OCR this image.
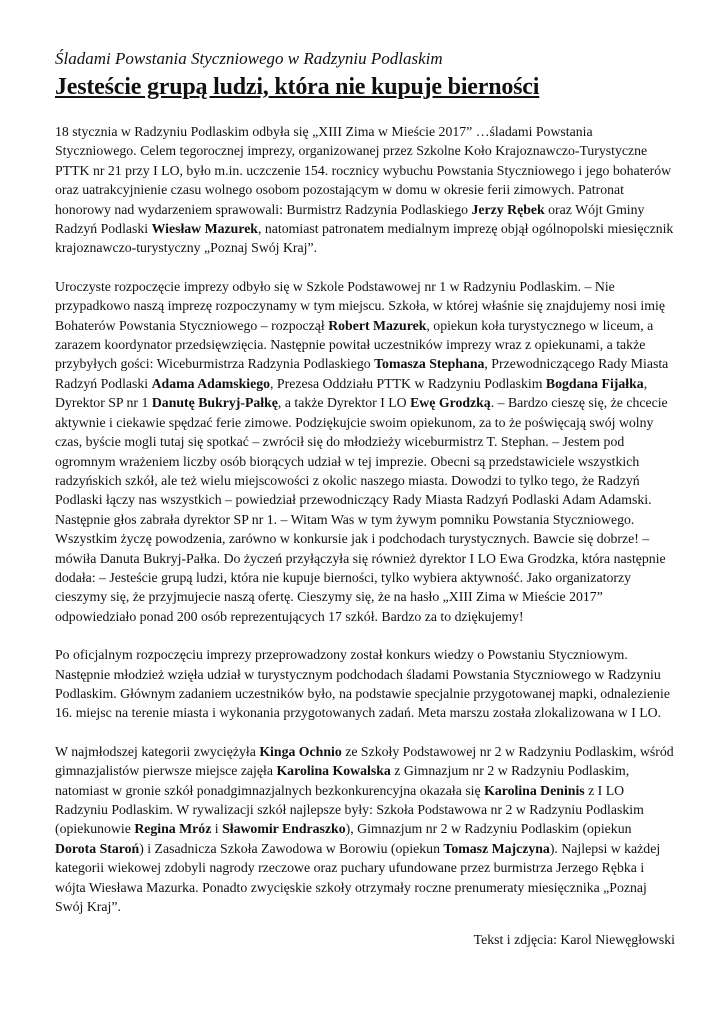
Śladami Powstania Styczniowego w Radzyniu Podlaskim

Jesteście grupą ludzi, która nie kupuje bierności

18 stycznia w Radzyniu Podlaskim odbyła się „XIII Zima w Mieście 2017” …śladami Powstania Styczniowego. Celem tegorocznej imprezy, organizowanej przez Szkolne Koło Krajoznawczo-Turystyczne PTTK nr 21 przy I LO, było m.in. uczczenie 154. rocznicy wybuchu Powstania Styczniowego i jego bohaterów oraz uatrakcyjnienie czasu wolnego osobom pozostającym w domu w okresie ferii zimowych. Patronat honorowy nad wydarzeniem sprawowali: Burmistrz Radzynia Podlaskiego Jerzy Rębek oraz Wójt Gminy Radzyń Podlaski Wiesław Mazurek, natomiast patronatem medialnym imprezę objął ogólnopolski miesięcznik krajoznawczo-turystyczny „Poznaj Swój Kraj”.

Uroczyste rozpoczęcie imprezy odbyło się w Szkole Podstawowej nr 1 w Radzyniu Podlaskim. – Nie przypadkowo naszą imprezę rozpoczynamy w tym miejscu. Szkoła, w której właśnie się znajdujemy nosi imię Bohaterów Powstania Styczniowego – rozpoczął Robert Mazurek, opiekun koła turystycznego w liceum, a zarazem koordynator przedsięwzięcia. Następnie powitał uczestników imprezy wraz z opiekunami, a także przybyłych gości: Wiceburmistrza Radzynia Podlaskiego Tomasza Stephana, Przewodniczącego Rady Miasta Radzyń Podlaski Adama Adamskiego, Prezesa Oddziału PTTK w Radzyniu Podlaskim Bogdana Fijałka, Dyrektor SP nr 1 Danutę Bukryj-Pałkę, a także Dyrektor I LO Ewę Grodzką. – Bardzo cieszę się, że chcecie aktywnie i ciekawie spędzać ferie zimowe. Podziękujcie swoim opiekunom, za to że poświęcają swój wolny czas, byście mogli tutaj się spotkać – zwrócił się do młodzieży wiceburmistrz T. Stephan. – Jestem pod ogromnym wrażeniem liczby osób biorących udział w tej imprezie. Obecni są przedstawiciele wszystkich radzyńskich szkół, ale też wielu miejscowości z okolic naszego miasta. Dowodzi to tylko tego, że Radzyń Podlaski łączy nas wszystkich – powiedział przewodniczący Rady Miasta Radzyń Podlaski Adam Adamski. Następnie głos zabrała dyrektor SP nr 1. – Witam Was w tym żywym pomniku Powstania Styczniowego. Wszystkim życzę powodzenia, zarówno w konkursie jak i podchodach turystycznych. Bawcie się dobrze! – mówiła Danuta Bukryj-Pałka. Do życzeń przyłączyła się również dyrektor I LO Ewa Grodzka, która następnie dodała: – Jesteście grupą ludzi, która nie kupuje bierności, tylko wybiera aktywność. Jako organizatorzy cieszymy się, że przyjmujecie naszą ofertę. Cieszymy się, że na hasło „XIII Zima w Mieście 2017” odpowiedziało ponad 200 osób reprezentujących 17 szkół. Bardzo za to dziękujemy!

Po oficjalnym rozpoczęciu imprezy przeprowadzony został konkurs wiedzy o Powstaniu Styczniowym. Następnie młodzież wzięła udział w turystycznym podchodach śladami Powstania Styczniowego w Radzyniu Podlaskim. Głównym zadaniem uczestników było, na podstawie specjalnie przygotowanej mapki, odnalezienie 16. miejsc na terenie miasta i wykonania przygotowanych zadań. Meta marszu została zlokalizowana w I LO.

W najmłodszej kategorii zwyciężyła Kinga Ochnio ze Szkoły Podstawowej nr 2 w Radzyniu Podlaskim, wśród gimnazjalistów pierwsze miejsce zajęła Karolina Kowalska z Gimnazjum nr 2 w Radzyniu Podlaskim, natomiast w gronie szkół ponadgimnazjalnych bezkonkurencyjna okazała się Karolina Deninis z I LO Radzyniu Podlaskim. W rywalizacji szkół najlepsze były: Szkoła Podstawowa nr 2 w Radzyniu Podlaskim (opiekunowie Regina Mróz i Sławomir Endraszko), Gimnazjum nr 2 w Radzyniu Podlaskim (opiekun Dorota Staroń) i Zasadnicza Szkoła Zawodowa w Borowiu (opiekun Tomasz Majczyna). Najlepsi w każdej kategorii wiekowej zdobyli nagrody rzeczowe oraz puchary ufundowane przez burmistrza Jerzego Rębka i wójta Wiesława Mazurka. Ponadto zwycięskie szkoły otrzymały roczne prenumeraty miesięcznika „Poznaj Swój Kraj”.

Tekst i zdjęcia: Karol Niewęgłowski
